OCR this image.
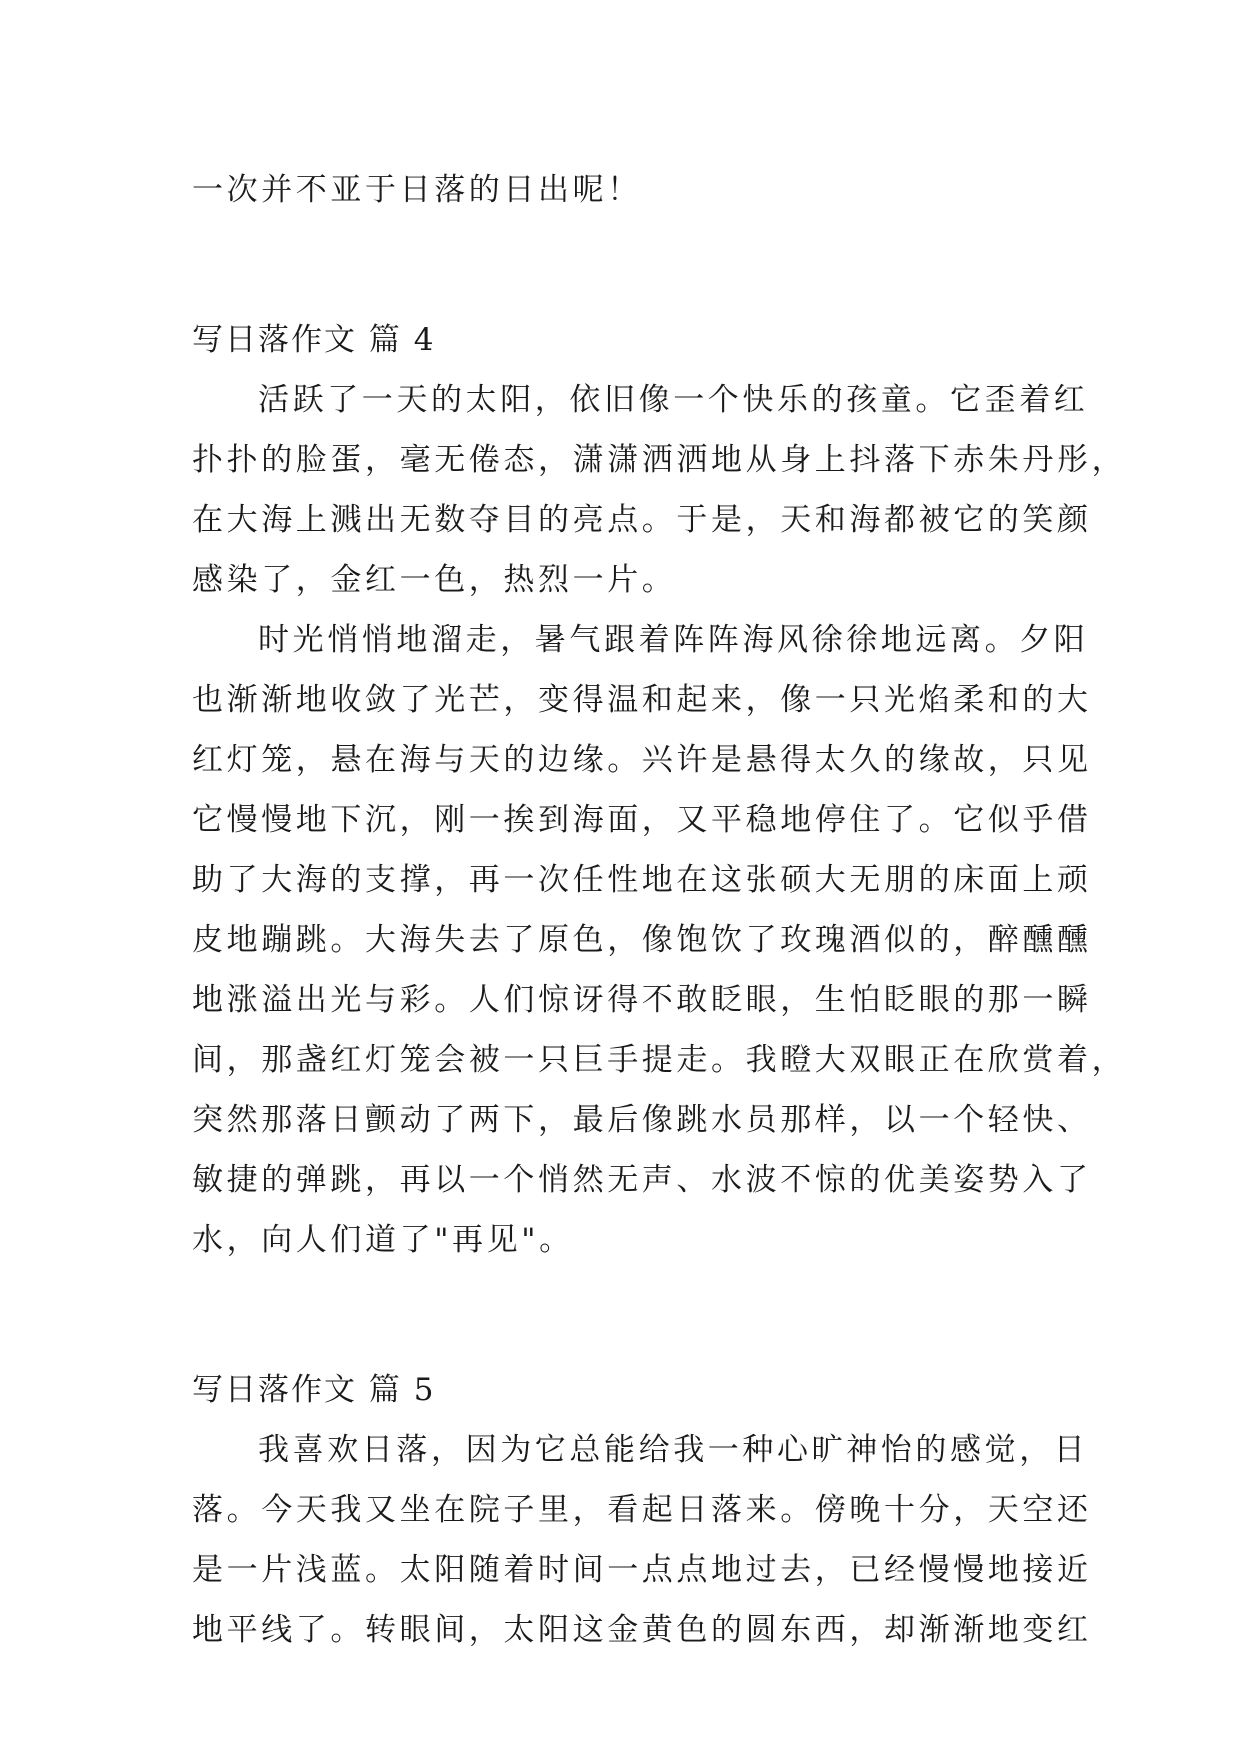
一次并不亚于日落的日出呢！
写日落作文 篇 4
活跃了一天的太阳，依旧像一个快乐的孩童。它歪着红
扑扑的脸蛋，毫无倦态，潇潇洒洒地从身上抖落下赤朱丹彤，
在大海上溅出无数夺目的亮点。于是，天和海都被它的笑颜
感染了，金红一色，热烈一片。
时光悄悄地溜走，暑气跟着阵阵海风徐徐地远离。夕阳
也渐渐地收敛了光芒，变得温和起来，像一只光焰柔和的大
红灯笼，悬在海与天的边缘。兴许是悬得太久的缘故，只见
它慢慢地下沉，刚一挨到海面，又平稳地停住了。它似乎借
助了大海的支撑，再一次任性地在这张硕大无朋的床面上顽
皮地蹦跳。大海失去了原色，像饱饮了玫瑰酒似的，醉醺醺
地涨溢出光与彩。人们惊讶得不敢眨眼，生怕眨眼的那一瞬
间，那盏红灯笼会被一只巨手提走。我瞪大双眼正在欣赏着，
突然那落日颤动了两下，最后像跳水员那样，以一个轻快、
敏捷的弹跳，再以一个悄然无声、水波不惊的优美姿势入了
水，向人们道了"再见"。
写日落作文 篇 5
我喜欢日落，因为它总能给我一种心旷神怡的感觉，日
落。今天我又坐在院子里，看起日落来。傍晚十分，天空还
是一片浅蓝。太阳随着时间一点点地过去，已经慢慢地接近
地平线了。转眼间，太阳这金黄色的圆东西，却渐渐地变红
